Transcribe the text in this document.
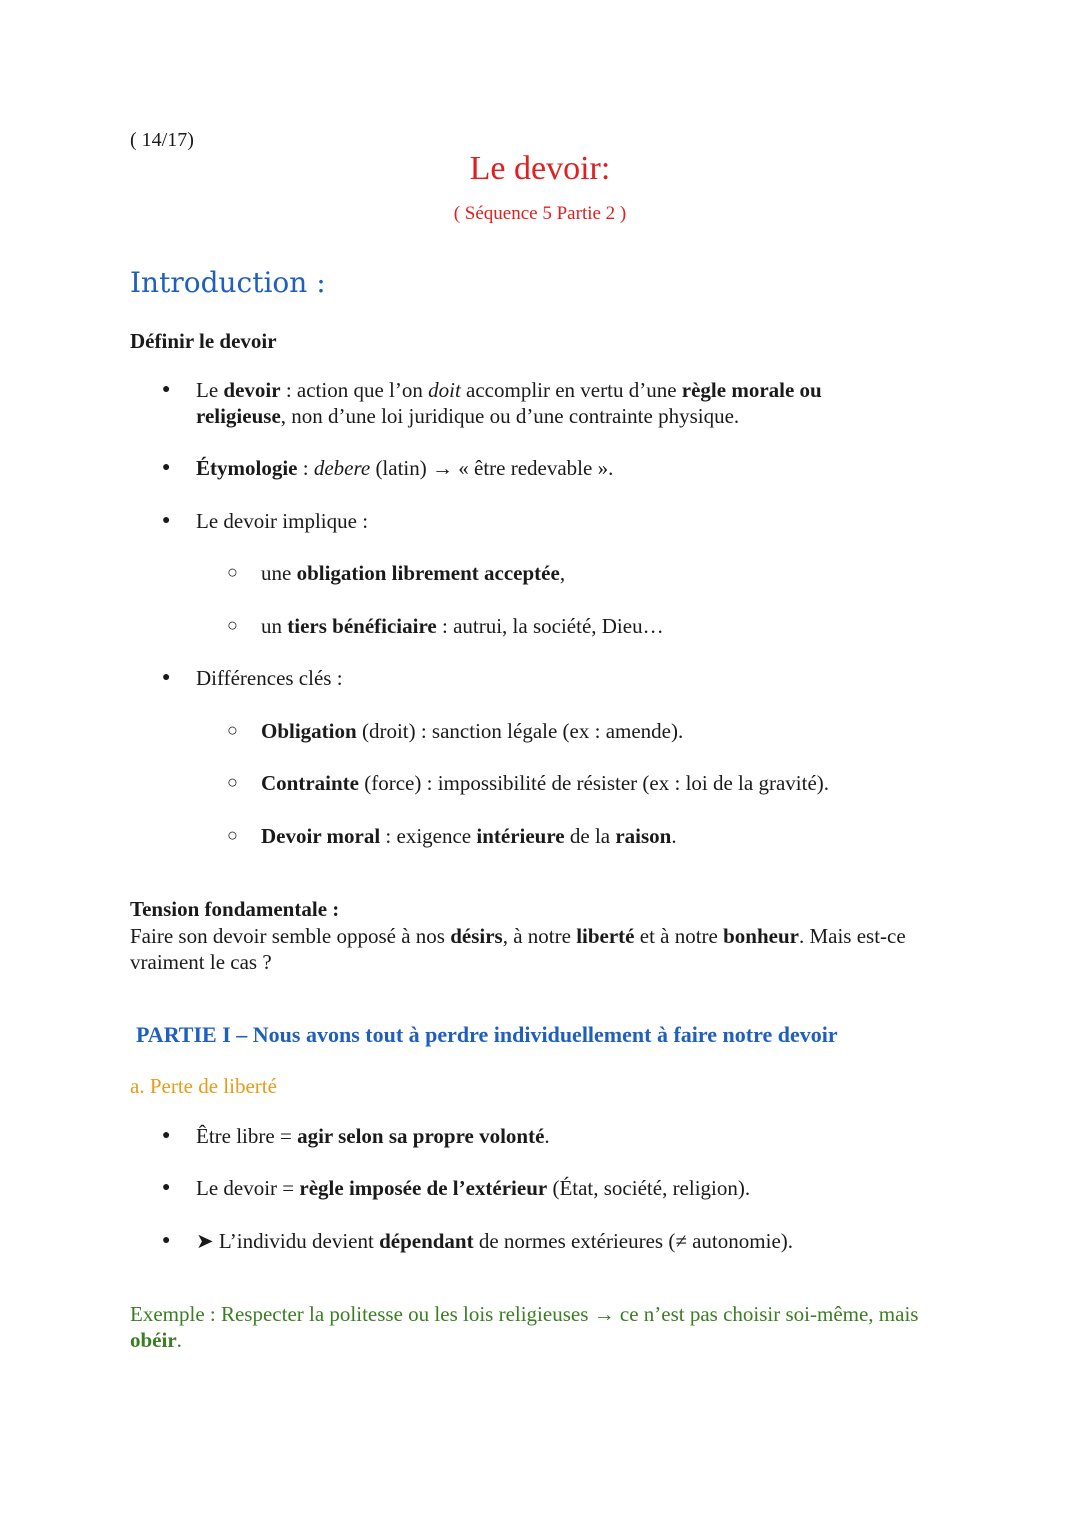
( 14/17)
Le devoir:
( Séquence 5 Partie 2 )
Introduction :
Définir le devoir
● Le devoir : action que l’on doit accomplir en vertu d’une règle morale ou religieuse, non d’une loi juridique ou d’une contrainte physique.
● Étymologie : debere (latin) → « être redevable ».
● Le devoir implique :
○ une obligation librement acceptée,
○ un tiers bénéficiaire : autrui, la société, Dieu…
● Différences clés :
○ Obligation (droit) : sanction légale (ex : amende).
○ Contrainte (force) : impossibilité de résister (ex : loi de la gravité).
○ Devoir moral : exigence intérieure de la raison.
Tension fondamentale :
Faire son devoir semble opposé à nos désirs, à notre liberté et à notre bonheur. Mais est-ce vraiment le cas ?
PARTIE I – Nous avons tout à perdre individuellement à faire notre devoir
a. Perte de liberté
● Être libre = agir selon sa propre volonté.
● Le devoir = règle imposée de l’extérieur (État, société, religion).
● ➤ L’individu devient dépendant de normes extérieures (≠ autonomie).
Exemple : Respecter la politesse ou les lois religieuses → ce n’est pas choisir soi-même, mais obéir.
